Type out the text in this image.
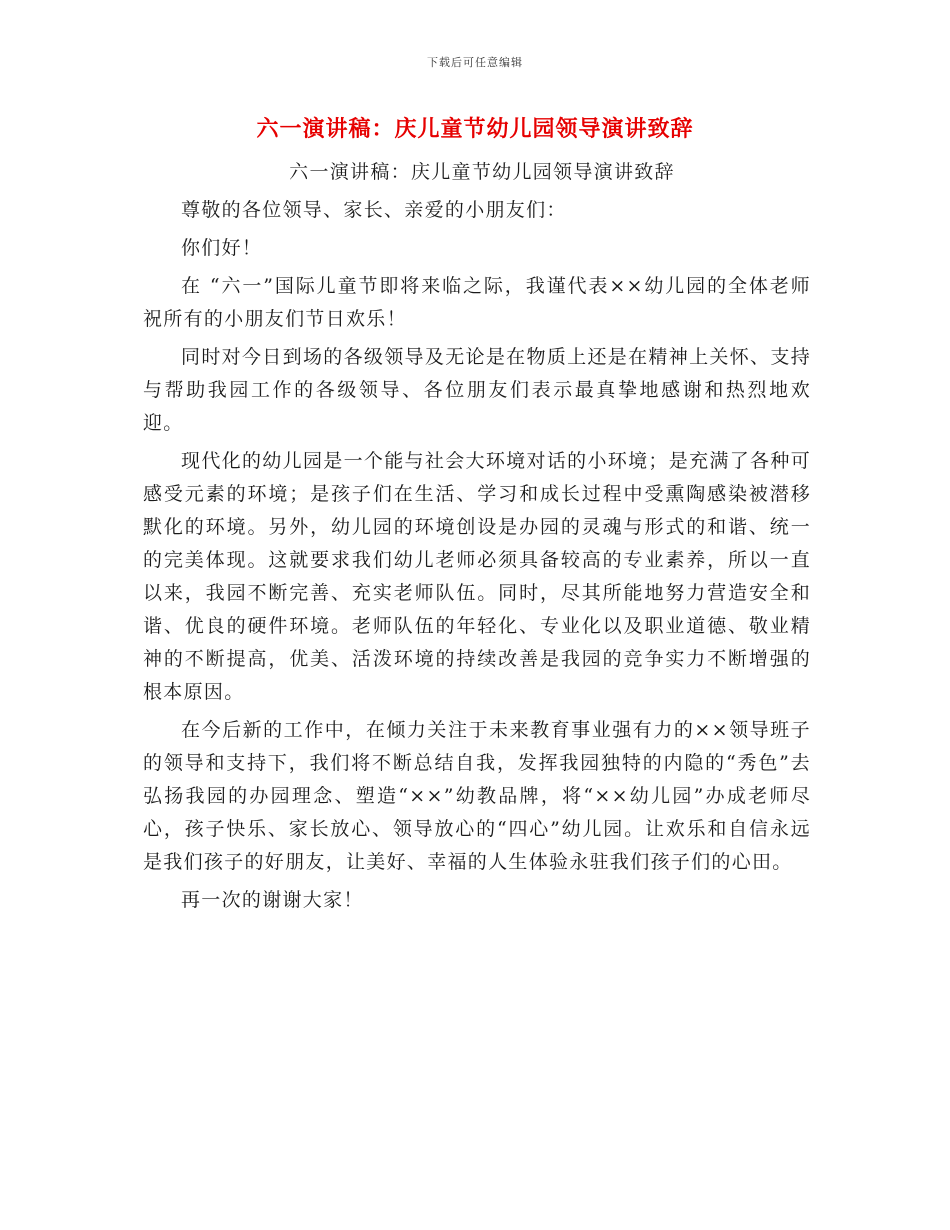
下载后可任意编辑
六一演讲稿：庆儿童节幼儿园领导演讲致辞

六一演讲稿：庆儿童节幼儿园领导演讲致辞

尊敬的各位领导、家长、亲爱的小朋友们：

你们好！

在 “六一”国际儿童节即将来临之际，我谨代表××幼儿园的全体老师祝所有的小朋友们节日欢乐！

同时对今日到场的各级领导及无论是在物质上还是在精神上关怀、支持与帮助我园工作的各级领导、各位朋友们表示最真挚地感谢和热烈地欢迎。

现代化的幼儿园是一个能与社会大环境对话的小环境；是充满了各种可感受元素的环境；是孩子们在生活、学习和成长过程中受熏陶感染被潜移默化的环境。另外，幼儿园的环境创设是办园的灵魂与形式的和谐、统一的完美体现。这就要求我们幼儿老师必须具备较高的专业素养，所以一直以来，我园不断完善、充实老师队伍。同时，尽其所能地努力营造安全和谐、优良的硬件环境。老师队伍的年轻化、专业化以及职业道德、敬业精神的不断提高，优美、活泼环境的持续改善是我园的竞争实力不断增强的根本原因。

在今后新的工作中，在倾力关注于未来教育事业强有力的××领导班子的领导和支持下，我们将不断总结自我，发挥我园独特的内隐的“秀色”去弘扬我园的办园理念、塑造“××”幼教品牌，将“××幼儿园”办成老师尽心，孩子快乐、家长放心、领导放心的“四心”幼儿园。让欢乐和自信永远是我们孩子的好朋友，让美好、幸福的人生体验永驻我们孩子们的心田。

再一次的谢谢大家！
